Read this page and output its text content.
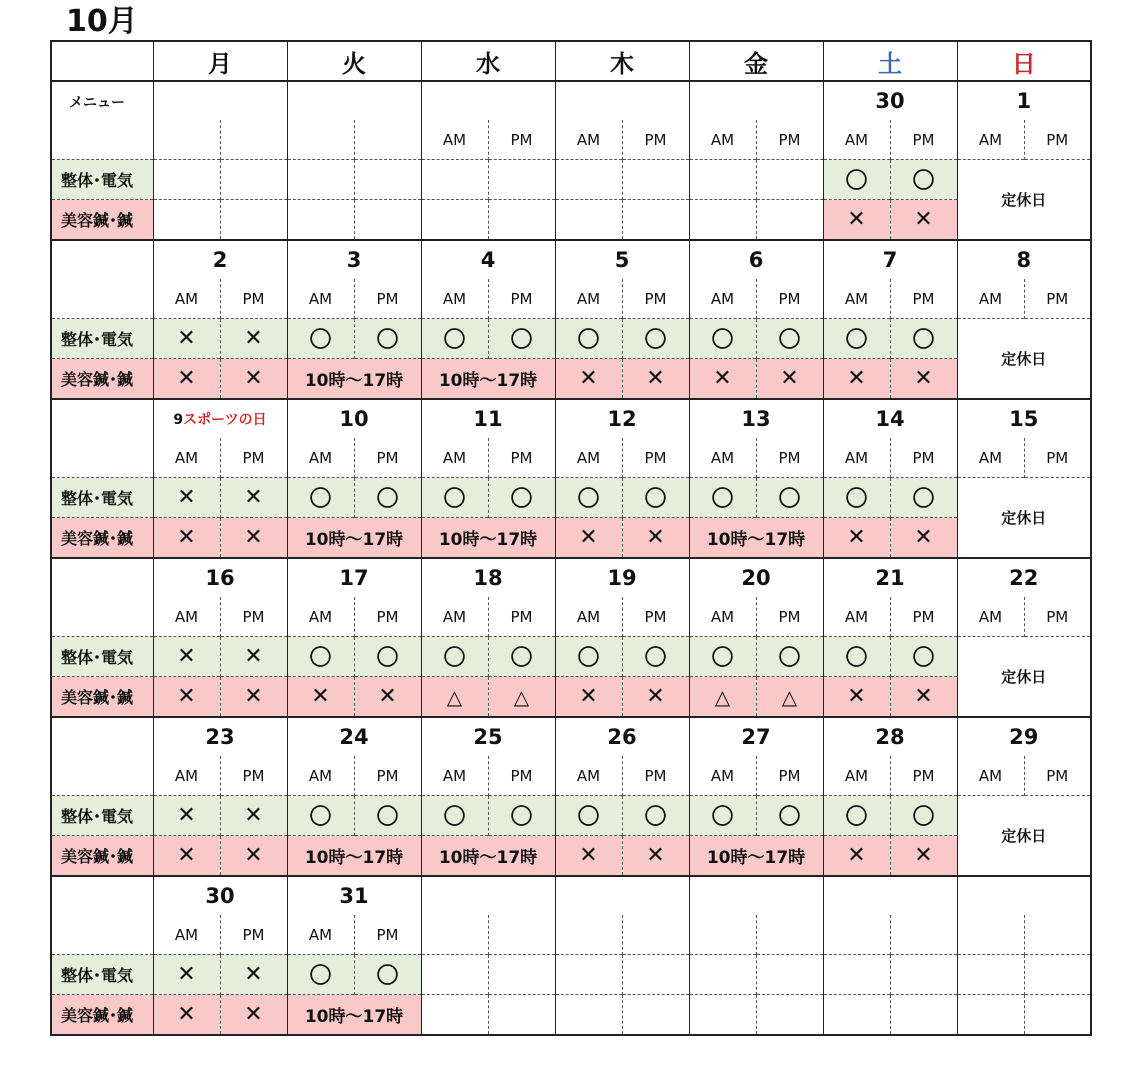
10月
	月		火		水		木		金		土		日	
メニュー											30		1	
					AM	PM	AM	PM	AM	PM	AM	PM	AM	PM
整体･電気											〇	〇	定休日	
美容鍼･鍼											✕	✕		
	2		3		4		5		6		7		8	
	AM	PM	AM	PM	AM	PM	AM	PM	AM	PM	AM	PM	AM	PM
整体･電気	✕	✕	〇	〇	〇	〇	〇	〇	〇	〇	〇	〇	定休日	
美容鍼･鍼	✕	✕	10時～17時		10時～17時		✕	✕	✕	✕	✕	✕		
	9スポーツの日		10		11		12		13		14		15	
	AM	PM	AM	PM	AM	PM	AM	PM	AM	PM	AM	PM	AM	PM
整体･電気	✕	✕	〇	〇	〇	〇	〇	〇	〇	〇	〇	〇	定休日	
美容鍼･鍼	✕	✕	10時～17時		10時～17時		✕	✕	10時～17時		✕	✕		
	16		17		18		19		20		21		22	
	AM	PM	AM	PM	AM	PM	AM	PM	AM	PM	AM	PM	AM	PM
整体･電気	✕	✕	〇	〇	〇	〇	〇	〇	〇	〇	〇	〇	定休日	
美容鍼･鍼	✕	✕	✕	✕	△	△	✕	✕	△	△	✕	✕		
	23		24		25		26		27		28		29	
	AM	PM	AM	PM	AM	PM	AM	PM	AM	PM	AM	PM	AM	PM
整体･電気	✕	✕	〇	〇	〇	〇	〇	〇	〇	〇	〇	〇	定休日	
美容鍼･鍼	✕	✕	10時～17時		10時～17時		✕	✕	10時～17時		✕	✕		
	30		31											
	AM	PM	AM	PM										
整体･電気	✕	✕	〇	〇										
美容鍼･鍼	✕	✕	10時～17時											
